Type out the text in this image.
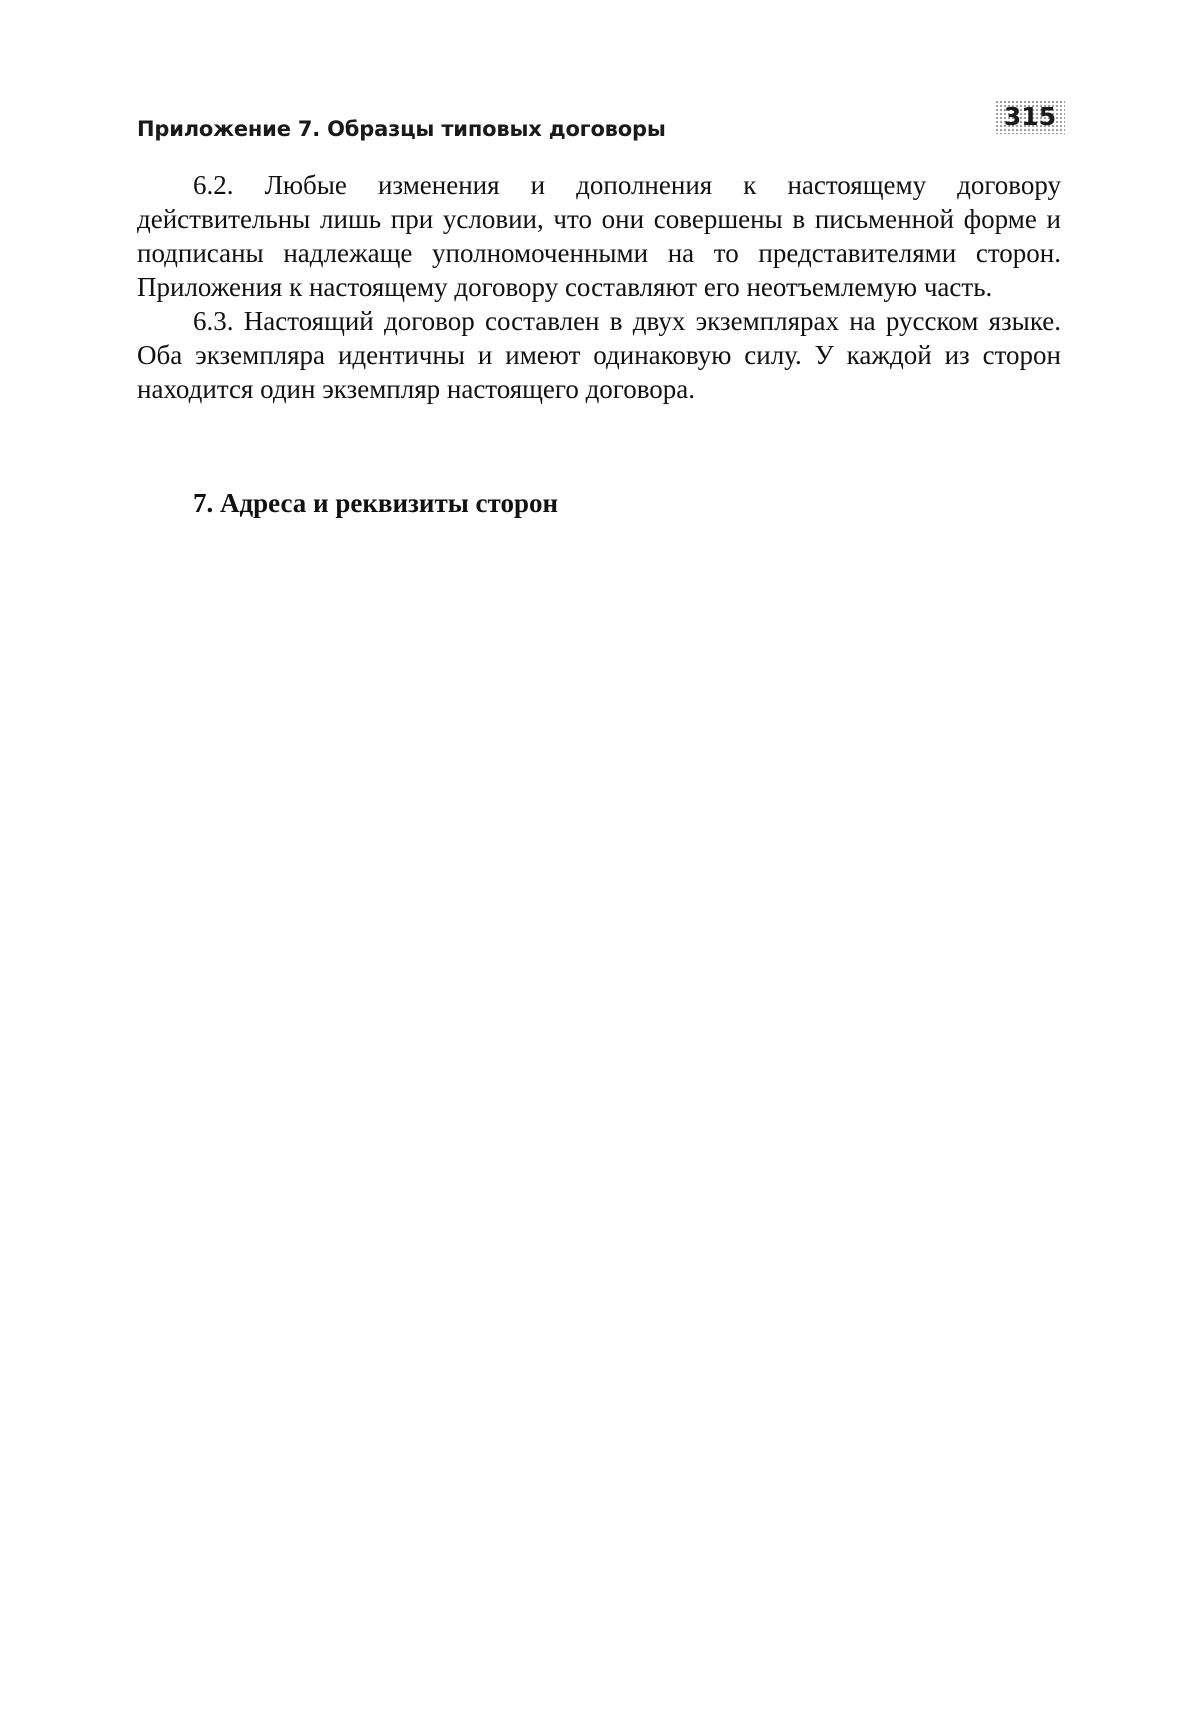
Приложение 7. Образцы типовых договоры	315

6.2. Любые изменения и дополнения к настоящему договору действительны лишь при условии, что они совершены в письменной форме и подписаны надлежаще уполномоченными на то представителями сторон. Приложения к настоящему договору составляют его неотъемлемую часть.

6.3. Настоящий договор составлен в двух экземплярах на русском языке. Оба экземпляра идентичны и имеют одинаковую силу. У каждой из сторон находится один экземпляр настоящего договора.

7. Адреса и реквизиты сторон
